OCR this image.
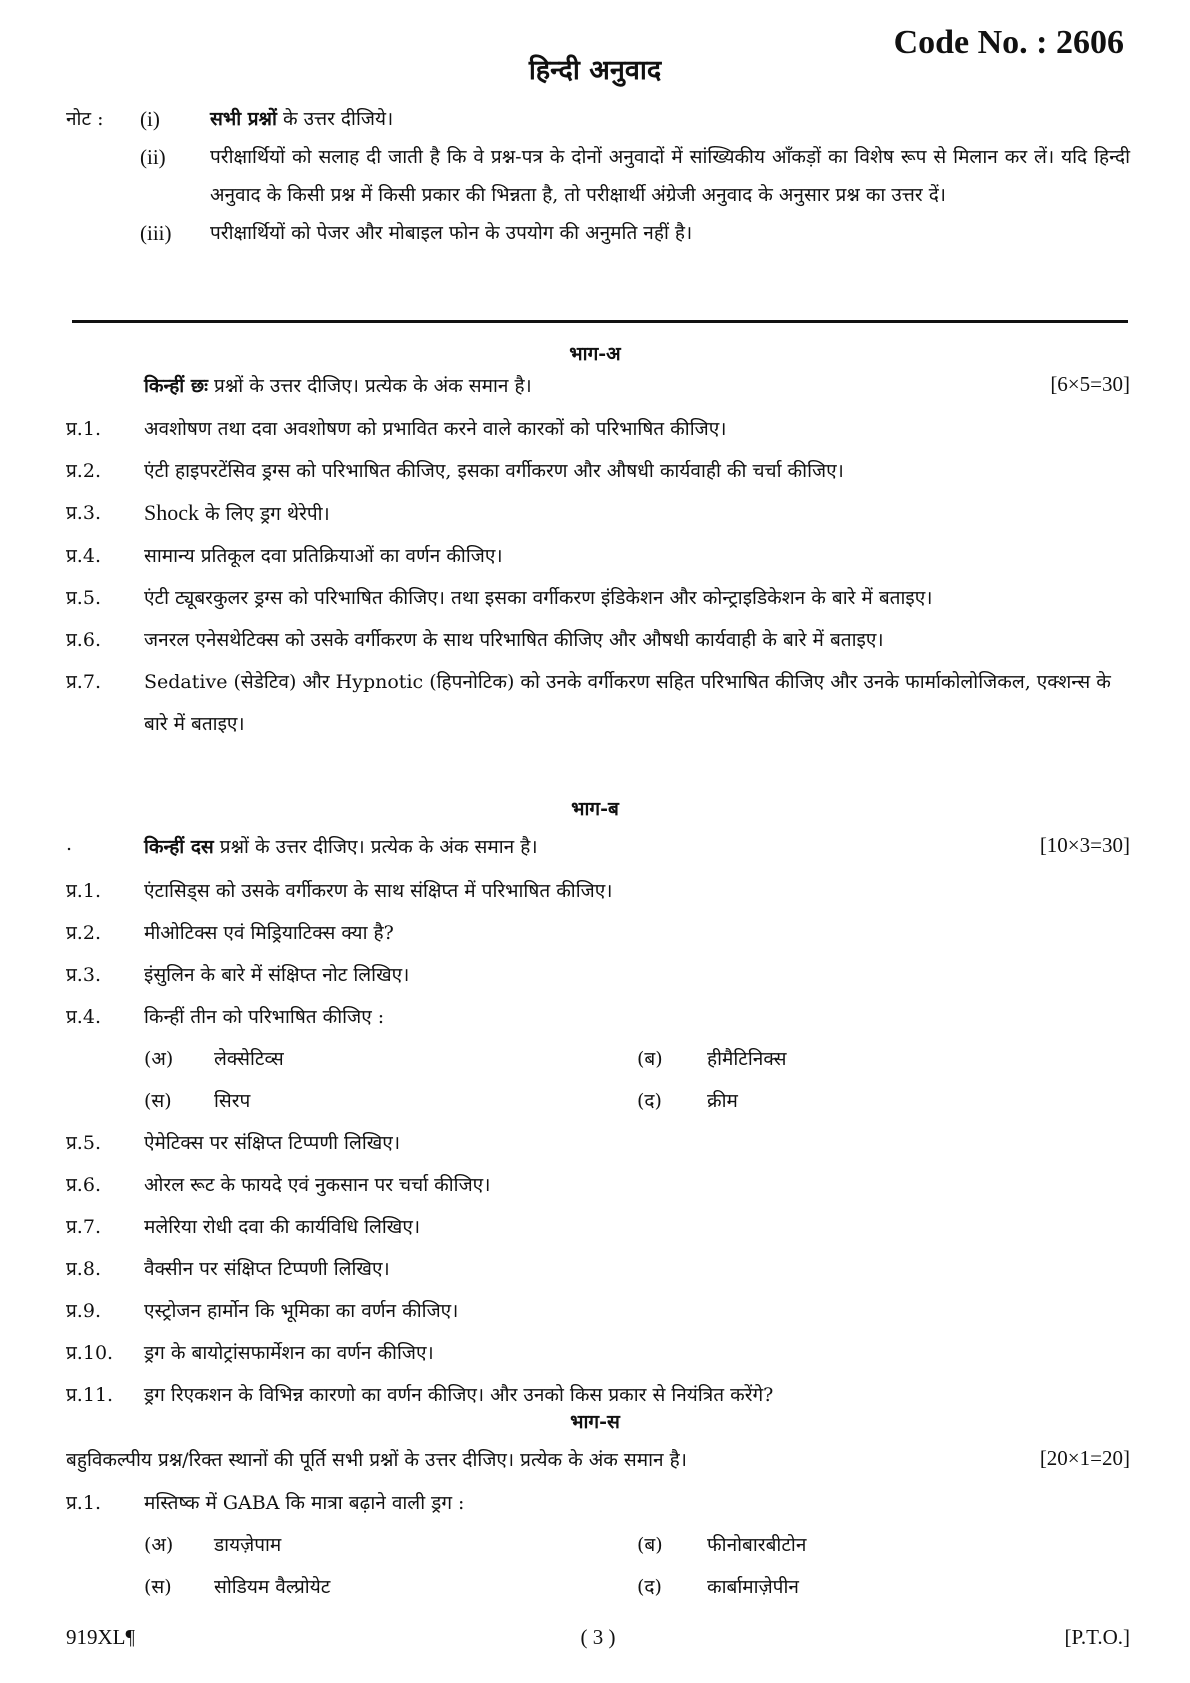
Code No. : 2606
हिन्दी अनुवाद
नोट :	(i)	सभी प्रश्नों के उत्तर दीजिये।
(ii)	परीक्षार्थियों को सलाह दी जाती है कि वे प्रश्न-पत्र के दोनों अनुवादों में सांख्यिकीय आँकड़ों का विशेष रूप से मिलान कर लें। यदि हिन्दी अनुवाद के किसी प्रश्न में किसी प्रकार की भिन्नता है, तो परीक्षार्थी अंग्रेजी अनुवाद के अनुसार प्रश्न का उत्तर दें।
(iii)	परीक्षार्थियों को पेजर और मोबाइल फोन के उपयोग की अनुमति नहीं है।
भाग-अ
किन्हीं छः प्रश्नों के उत्तर दीजिए। प्रत्येक के अंक समान है।	[6×5=30]
प्र.1.	अवशोषण तथा दवा अवशोषण को प्रभावित करने वाले कारकों को परिभाषित कीजिए।
प्र.2.	एंटी हाइपरटेंसिव ड्रग्स को परिभाषित कीजिए, इसका वर्गीकरण और औषधी कार्यवाही की चर्चा कीजिए।
प्र.3.	Shock के लिए ड्रग थेरेपी।
प्र.4.	सामान्य प्रतिकूल दवा प्रतिक्रियाओं का वर्णन कीजिए।
प्र.5.	एंटी ट्यूबरकुलर ड्रग्स को परिभाषित कीजिए। तथा इसका वर्गीकरण इंडिकेशन और कोन्ट्राइडिकेशन के बारे में बताइए।
प्र.6.	जनरल एनेसथेटिक्स को उसके वर्गीकरण के साथ परिभाषित कीजिए और औषधी कार्यवाही के बारे में बताइए।
प्र.7.	Sedative (सेडेटिव) और Hypnotic (हिपनोटिक) को उनके वर्गीकरण सहित परिभाषित कीजिए और उनके फार्माकोलोजिकल, एक्शन्स के बारे में बताइए।
भाग-ब
.	किन्हीं दस प्रश्नों के उत्तर दीजिए। प्रत्येक के अंक समान है।	[10×3=30]
प्र.1.	एंटासिड्स को उसके वर्गीकरण के साथ संक्षिप्त में परिभाषित कीजिए।
प्र.2.	मीओटिक्स एवं मिड्रियाटिक्स क्या है?
प्र.3.	इंसुलिन के बारे में संक्षिप्त नोट लिखिए।
प्र.4.	किन्हीं तीन को परिभाषित कीजिए :
(अ)	लेक्सेटिव्स	(ब)	हीमैटिनिक्स
(स)	सिरप	(द)	क्रीम
प्र.5.	ऐमेटिक्स पर संक्षिप्त टिप्पणी लिखिए।
प्र.6.	ओरल रूट के फायदे एवं नुकसान पर चर्चा कीजिए।
प्र.7.	मलेरिया रोधी दवा की कार्यविधि लिखिए।
प्र.8.	वैक्सीन पर संक्षिप्त टिप्पणी लिखिए।
प्र.9.	एस्ट्रोजन हार्मोन कि भूमिका का वर्णन कीजिए।
प्र.10.	ड्रग के बायोट्रांसफार्मेशन का वर्णन कीजिए।
प्र.11.	ड्रग रिएकशन के विभिन्न कारणो का वर्णन कीजिए। और उनको किस प्रकार से नियंत्रित करेंगे?
भाग-स
बहुविकल्पीय प्रश्न/रिक्त स्थानों की पूर्ति सभी प्रश्नों के उत्तर दीजिए। प्रत्येक के अंक समान है।	[20×1=20]
प्र.1.	मस्तिष्क में GABA कि मात्रा बढ़ाने वाली ड्रग :
(अ)	डायज़ेपाम	(ब)	फीनोबारबीटोन
(स)	सोडियम वैल्प्रोयेट	(द)	कार्बामाज़ेपीन
919XL¶	( 3 )	[P.T.O.]
